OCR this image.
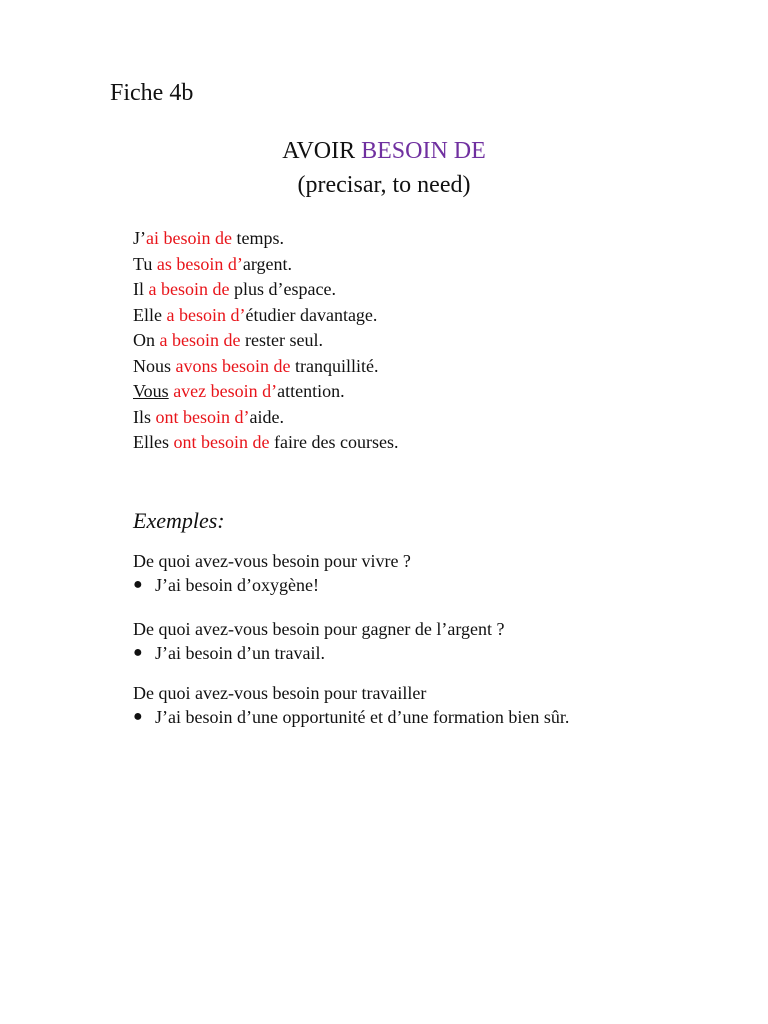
Fiche 4b
AVOIR BESOIN DE
(precisar, to need)
J’ai besoin de temps.
Tu as besoin d’argent.
Il a besoin de plus d’espace.
Elle a besoin d’étudier davantage.
On a besoin de rester seul.
Nous avons besoin de tranquillité.
Vous avez besoin d’attention.
Ils ont besoin d’aide.
Elles ont besoin de faire des courses.
Exemples:
De quoi avez-vous besoin pour vivre ?
● J’ai besoin d’oxygène!
De quoi avez-vous besoin pour gagner de l’argent ?
● J’ai besoin d’un travail.
De quoi avez-vous besoin pour travailler
● J’ai besoin d’une opportunité et d’une formation bien sûr.
